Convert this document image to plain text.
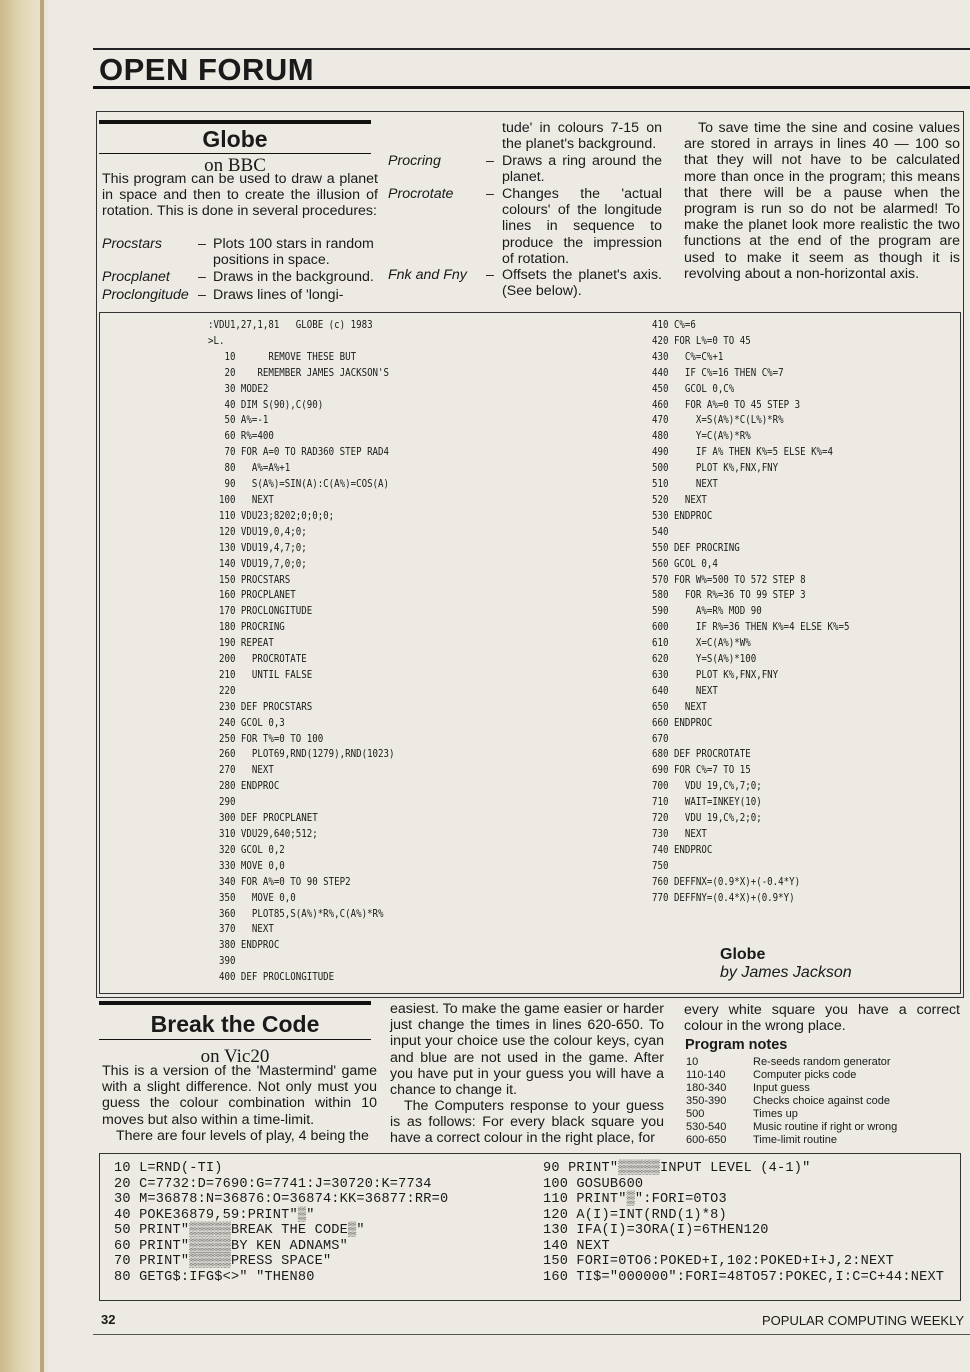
OPEN FORUM
Globe
on BBC
This program can be used to draw a planet in space and then to create the illusion of rotation. This is done in several procedures:
Procstars	– Plots 100 stars in random positions in space.
Procplanet – Draws in the background.
Proclongitude – Draws lines of 'longi-
tude' in colours 7-15 on the planet's background.
Procring	– Draws a ring around the planet.
Procrotate – Changes the 'actual colours' of the longitude lines in sequence to produce the impression of rotation.
Fnk and Fny – Offsets the planet's axis. (See below).
To save time the sine and cosine values are stored in arrays in lines 40 — 100 so that they will not have to be calculated more than once in the program; this means that there will be a pause when the program is run so do not be alarmed! To make the planet look more realistic the two functions at the end of the program are used to make it seem as though it is revolving about a non-horizontal axis.
:VDU1,27,1,81   GLOBE (c) 1983
>L.
10      REMOVE THESE BUT
20    REMEMBER JAMES JACKSON'S
30 MODE2
40 DIM S(90),C(90)
50 A%=-1
60 R%=400
70 FOR A=0 TO RAD360 STEP RAD4
80   A%=A%+1
90   S(A%)=SIN(A):C(A%)=COS(A)
100   NEXT
110 VDU23;8202;0;0;0;
120 VDU19,0,4;0;
130 VDU19,4,7;0;
140 VDU19,7,0;0;
150 PROCSTARS
160 PROCPLANET
170 PROCLONGITUDE
180 PROCRING
190 REPEAT
200   PROCROTATE
210   UNTIL FALSE
220
230 DEF PROCSTARS
240 GCOL 0,3
250 FOR T%=0 TO 100
260   PLOT69,RND(1279),RND(1023)
270   NEXT
280 ENDPROC
290
300 DEF PROCPLANET
310 VDU29,640;512;
320 GCOL 0,2
330 MOVE 0,0
340 FOR A%=0 TO 90 STEP2
350   MOVE 0,0
360   PLOT85,S(A%)*R%,C(A%)*R%
370   NEXT
380 ENDPROC
390
400 DEF PROCLONGITUDE
410 C%=6
420 FOR L%=0 TO 45
430   C%=C%+1
440   IF C%=16 THEN C%=7
450   GCOL 0,C%
460   FOR A%=0 TO 45 STEP 3
470     X=S(A%)*C(L%)*R%
480     Y=C(A%)*R%
490     IF A% THEN K%=5 ELSE K%=4
500     PLOT K%,FNX,FNY
510     NEXT
520   NEXT
530 ENDPROC
540
550 DEF PROCRING
560 GCOL 0,4
570 FOR W%=500 TO 572 STEP 8
580   FOR R%=36 TO 99 STEP 3
590     A%=R% MOD 90
600     IF R%=36 THEN K%=4 ELSE K%=5
610     X=C(A%)*W%
620     Y=S(A%)*100
630     PLOT K%,FNX,FNY
640     NEXT
650   NEXT
660 ENDPROC
670
680 DEF PROCROTATE
690 FOR C%=7 TO 15
700   VDU 19,C%,7;0;
710   WAIT=INKEY(10)
720   VDU 19,C%,2;0;
730   NEXT
740 ENDPROC
750
760 DEFFNX=(0.9*X)+(-0.4*Y)
770 DEFFNY=(0.4*X)+(0.9*Y)
Globe
by James Jackson
Break the Code
on Vic20
This is a version of the 'Mastermind' game with a slight difference. Not only must you guess the colour combination within 10 moves but also within a time-limit.
There are four levels of play, 4 being the
easiest. To make the game easier or harder just change the times in lines 620-650. To input your choice use the colour keys, cyan and blue are not used in the game. After you have put in your guess you will have a chance to change it.
The Computers response to your guess is as follows: For every black square you have a correct colour in the right place, for
every white square you have a correct colour in the wrong place.
Program notes
10	Re-seeds random generator
110-140 Computer picks code
180-340 Input guess
350-390 Checks choice against code
500	Times up
530-540 Music routine if right or wrong
600-650 Time-limit routine
10 L=RND(-TI)
20 C=7732:D=7690:G=7741:J=30720:K=7734
30 M=36878:N=36876:O=36874:KK=36877:RR=0
40 POKE36879,59:PRINT"▒"
50 PRINT"▒▒▒▒▒BREAK THE CODE▒"
60 PRINT"▒▒▒▒▒BY KEN ADNAMS"
70 PRINT"▒▒▒▒▒PRESS SPACE"
80 GETG$:IFG$<>" "THEN80
90 PRINT"▒▒▒▒▒INPUT LEVEL (4-1)"
100 GOSUB600
110 PRINT"▒":FORI=0TO3
120 A(I)=INT(RND(1)*8)
130 IFA(I)=3ORA(I)=6THEN120
140 NEXT
150 FORI=0TO6:POKED+I,102:POKED+I+J,2:NEXT
160 TI$="000000":FORI=48TO57:POKEC,I:C=C+44:NEXT
32	POPULAR COMPUTING WEEKLY
